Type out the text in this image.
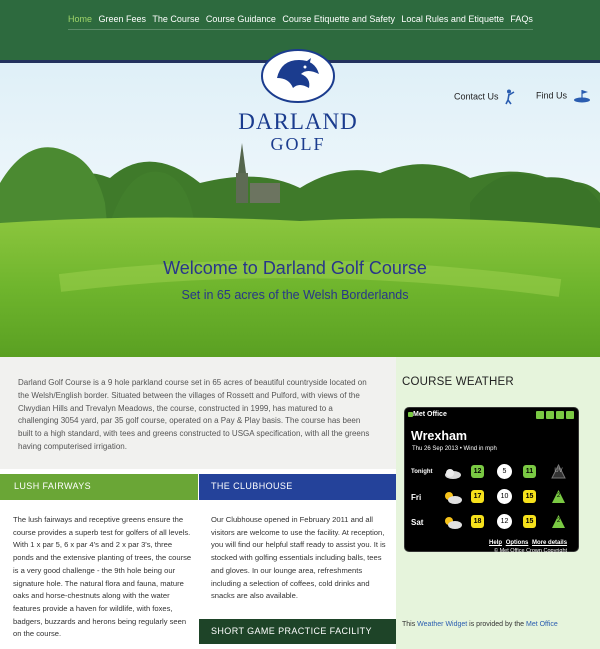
Home Green Fees The Course Course Guidance Course Etiquette and Safety Local Rules and Etiquette FAQs
DARLAND
GOLF
Contact Us	Find Us
Welcome to Darland Golf Course
Set in 65 acres of the Welsh Borderlands

Darland Golf Course is a 9 hole parkland course set in 65 acres of beautiful countryside located on the Welsh/English border. Situated between the villages of Rossett and Pulford, with views of the Clwydian Hills and Trevalyn Meadows, the course, constructed in 1999, has matured to a challenging 3054 yard, par 35 golf course, operated on a Pay & Play basis. The course has been built to a high standard, with tees and greens constructed to USGA specification, with all the greens having computerised irrigation.

COURSE WEATHER
Met Office
Wrexham
Thu 26 Sep 2013 • Wind in mph
Tonight	12	5	11	UV
Fri	17	10	15	2
Sat	18	12	15	2
Help Options More details
© Met Office Crown Copyright
This Weather Widget is provided by the Met Office
LUSH FAIRWAYS	THE CLUBHOUSE

The lush fairways and receptive greens ensure the course provides a superb test for golfers of all levels. With 1 x par 5, 6 x par 4's and 2 x par 3's, three ponds and the extensive planting of trees, the course is a very good challenge - the 9th hole being our signature hole. The natural flora and fauna, mature oaks and horse-chestnuts along with the water features provide a haven for wildlife, with foxes, badgers, buzzards and herons being regularly seen on the course.

Our Clubhouse opened in February 2011 and all visitors are welcome to use the facility. At reception, you will find our helpful staff ready to assist you. It is stocked with golfing essentials including balls, tees and gloves. In our lounge area, refreshments including a selection of coffees, cold drinks and snacks are also available.

SHORT GAME PRACTICE FACILITY
